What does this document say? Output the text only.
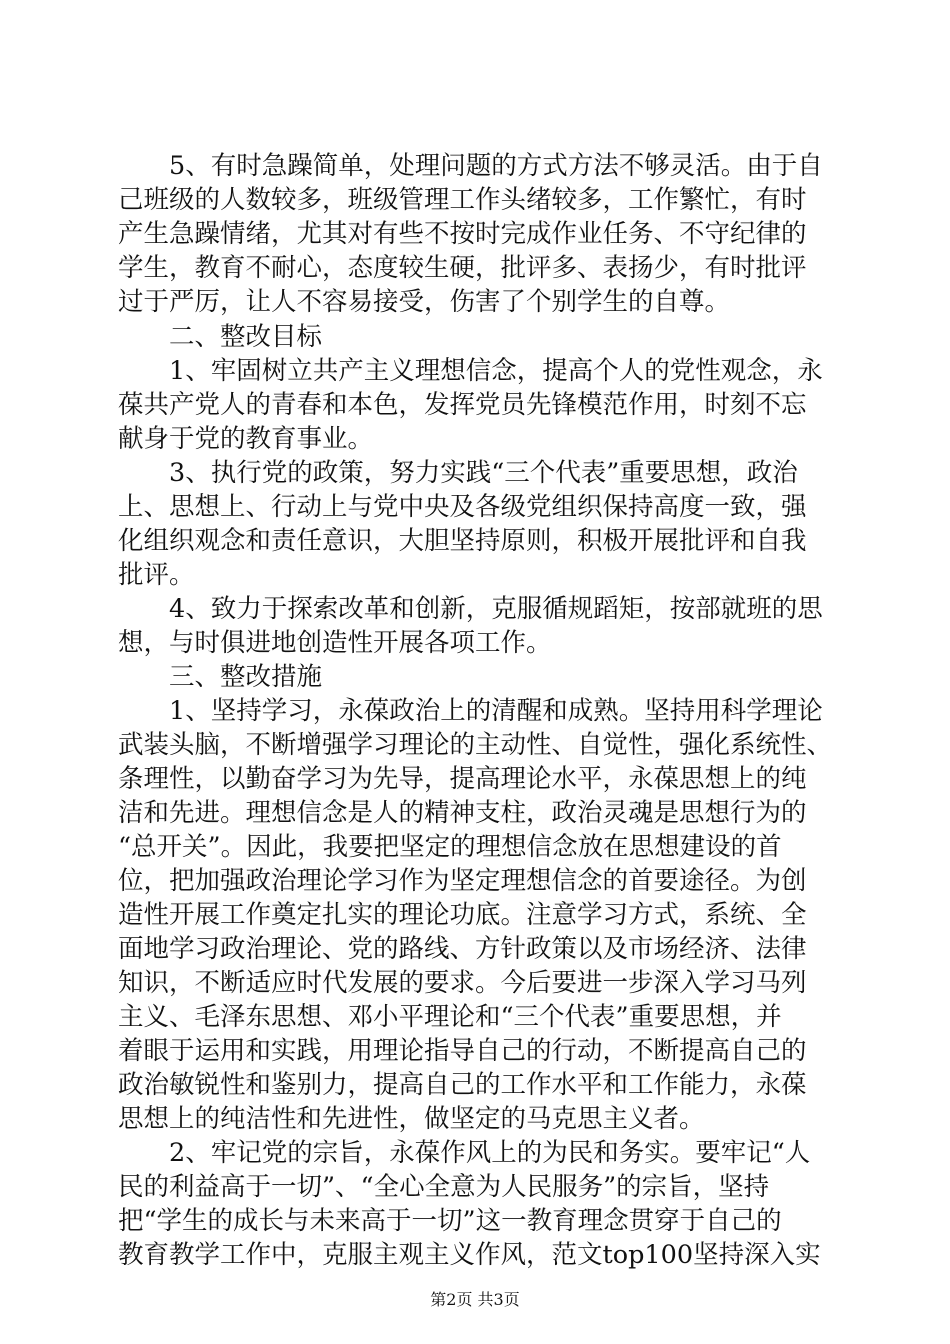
　　5、有时急躁简单，处理问题的方式方法不够灵活。由于自
己班级的人数较多，班级管理工作头绪较多，工作繁忙，有时
产生急躁情绪，尤其对有些不按时完成作业任务、不守纪律的
学生，教育不耐心，态度较生硬，批评多、表扬少，有时批评
过于严厉，让人不容易接受，伤害了个别学生的自尊。
　　二、整改目标
　　1、牢固树立共产主义理想信念，提高个人的党性观念，永
葆共产党人的青春和本色，发挥党员先锋模范作用，时刻不忘
献身于党的教育事业。
　　3、执行党的政策，努力实践“三个代表”重要思想，政治
上、思想上、行动上与党中央及各级党组织保持高度一致，强
化组织观念和责任意识，大胆坚持原则，积极开展批评和自我
批评。
　　4、致力于探索改革和创新，克服循规蹈矩，按部就班的思
想，与时俱进地创造性开展各项工作。
　　三、整改措施
　　1、坚持学习，永葆政治上的清醒和成熟。坚持用科学理论
武装头脑，不断增强学习理论的主动性、自觉性，强化系统性、
条理性，以勤奋学习为先导，提高理论水平，永葆思想上的纯
洁和先进。理想信念是人的精神支柱，政治灵魂是思想行为的
“总开关”。因此，我要把坚定的理想信念放在思想建设的首
位，把加强政治理论学习作为坚定理想信念的首要途径。为创
造性开展工作奠定扎实的理论功底。注意学习方式，系统、全
面地学习政治理论、党的路线、方针政策以及市场经济、法律
知识，不断适应时代发展的要求。今后要进一步深入学习马列
主义、毛泽东思想、邓小平理论和“三个代表”重要思想，并
着眼于运用和实践，用理论指导自己的行动，不断提高自己的
政治敏锐性和鉴别力，提高自己的工作水平和工作能力，永葆
思想上的纯洁性和先进性，做坚定的马克思主义者。
　　2、牢记党的宗旨，永葆作风上的为民和务实。要牢记“人
民的利益高于一切”、“全心全意为人民服务”的宗旨，坚持
把“学生的成长与未来高于一切”这一教育理念贯穿于自己的
教育教学工作中，克服主观主义作风，范文top100坚持深入实
第2页 共3页
